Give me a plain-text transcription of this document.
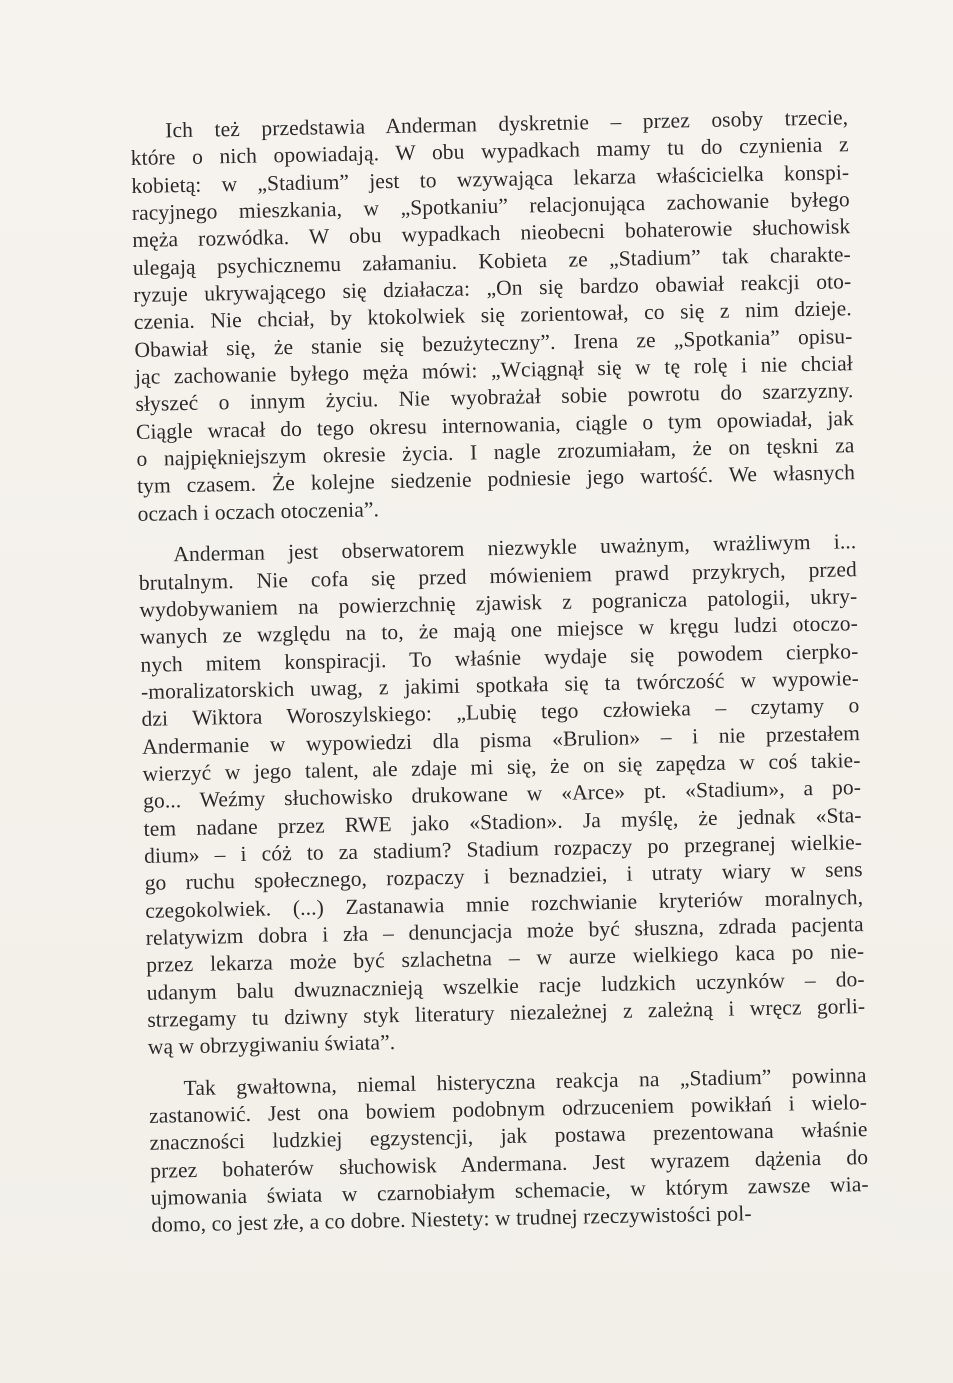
Ich też przedstawia Anderman dyskretnie – przez osoby trzecie,
które o nich opowiadają. W obu wypadkach mamy tu do czynienia z
kobietą: w „Stadium” jest to wzywająca lekarza właścicielka konspi-
racyjnego mieszkania, w „Spotkaniu” relacjonująca zachowanie byłego
męża rozwódka. W obu wypadkach nieobecni bohaterowie słuchowisk
ulegają psychicznemu załamaniu. Kobieta ze „Stadium” tak charakte-
ryzuje ukrywającego się działacza: „On się bardzo obawiał reakcji oto-
czenia. Nie chciał, by ktokolwiek się zorientował, co się z nim dzieje.
Obawiał się, że stanie się bezużyteczny”. Irena ze „Spotkania” opisu-
jąc zachowanie byłego męża mówi: „Wciągnął się w tę rolę i nie chciał
słyszeć o innym życiu. Nie wyobrażał sobie powrotu do szarzyzny.
Ciągle wracał do tego okresu internowania, ciągle o tym opowiadał, jak
o najpiękniejszym okresie życia. I nagle zrozumiałam, że on tęskni za
tym czasem. Że kolejne siedzenie podniesie jego wartość. We własnych
oczach i oczach otoczenia”.
Anderman jest obserwatorem niezwykle uważnym, wrażliwym i...
brutalnym. Nie cofa się przed mówieniem prawd przykrych, przed
wydobywaniem na powierzchnię zjawisk z pogranicza patologii, ukry-
wanych ze względu na to, że mają one miejsce w kręgu ludzi otoczo-
nych mitem konspiracji. To właśnie wydaje się powodem cierpko-
-moralizatorskich uwag, z jakimi spotkała się ta twórczość w wypowie-
dzi Wiktora Woroszylskiego: „Lubię tego człowieka – czytamy o
Andermanie w wypowiedzi dla pisma «Brulion» – i nie przestałem
wierzyć w jego talent, ale zdaje mi się, że on się zapędza w coś takie-
go... Weźmy słuchowisko drukowane w «Arce» pt. «Stadium», a po-
tem nadane przez RWE jako «Stadion». Ja myślę, że jednak «Sta-
dium» – i cóż to za stadium? Stadium rozpaczy po przegranej wielkie-
go ruchu społecznego, rozpaczy i beznadziei, i utraty wiary w sens
czegokolwiek. (...) Zastanawia mnie rozchwianie kryteriów moralnych,
relatywizm dobra i zła – denuncjacja może być słuszna, zdrada pacjenta
przez lekarza może być szlachetna – w aurze wielkiego kaca po nie-
udanym balu dwuznacznieją wszelkie racje ludzkich uczynków – do-
strzegamy tu dziwny styk literatury niezależnej z zależną i wręcz gorli-
wą w obrzygiwaniu świata”.
Tak gwałtowna, niemal histeryczna reakcja na „Stadium” powinna
zastanowić. Jest ona bowiem podobnym odrzuceniem powikłań i wielo-
znaczności ludzkiej egzystencji, jak postawa prezentowana właśnie
przez bohaterów słuchowisk Andermana. Jest wyrazem dążenia do
ujmowania świata w czarnobiałym schemacie, w którym zawsze wia-
domo, co jest złe, a co dobre. Niestety: w trudnej rzeczywistości pol-
